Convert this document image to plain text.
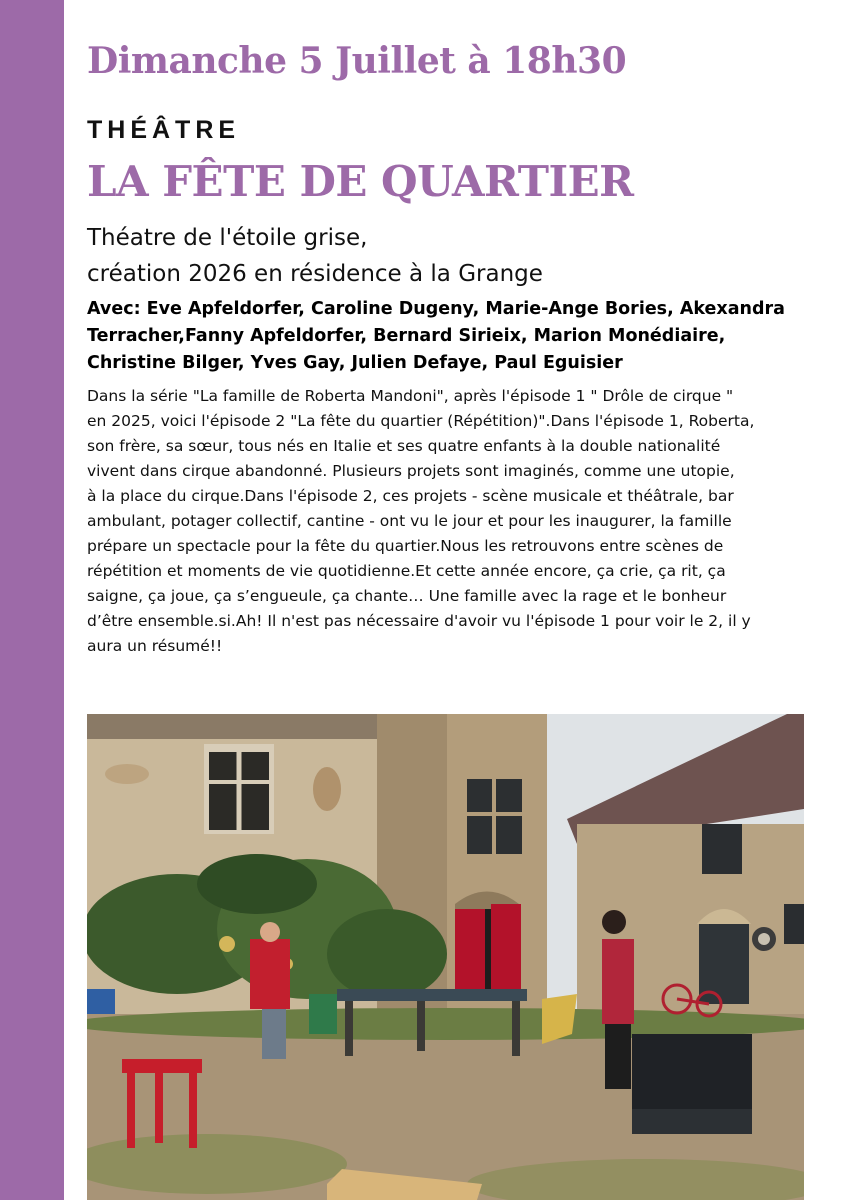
Dimanche 5 Juillet à 18h30
THÉÂTRE
LA FÊTE DE QUARTIER
Théatre de l'étoile grise,
création 2026 en résidence à la Grange
Avec: Eve Apfeldorfer, Caroline Dugeny, Marie-Ange Bories, Akexandra
Terracher,Fanny Apfeldorfer, Bernard Sirieix, Marion Monédiaire,
Christine Bilger, Yves Gay, Julien Defaye, Paul Eguisier
Dans la série "La famille de Roberta Mandoni", après l'épisode 1 " Drôle de cirque "
en 2025, voici l'épisode 2 "La fête du quartier (Répétition)".Dans l'épisode 1, Roberta,
son frère, sa sœur, tous nés en Italie et ses quatre enfants à la double nationalité
vivent dans cirque abandonné. Plusieurs projets sont imaginés, comme une utopie,
à la place du cirque.Dans l'épisode 2, ces projets - scène musicale et théâtrale, bar
ambulant, potager collectif, cantine - ont vu le jour et pour les inaugurer, la famille
prépare un spectacle pour la fête du quartier.Nous les retrouvons entre scènes de
répétition et moments de vie quotidienne.Et cette année encore, ça crie, ça rit, ça
saigne, ça joue, ça s’engueule, ça chante… Une famille avec la rage et le bonheur
d’être ensemble.si.Ah! Il n'est pas nécessaire d'avoir vu l'épisode 1 pour voir le 2, il y
aura un résumé!!
